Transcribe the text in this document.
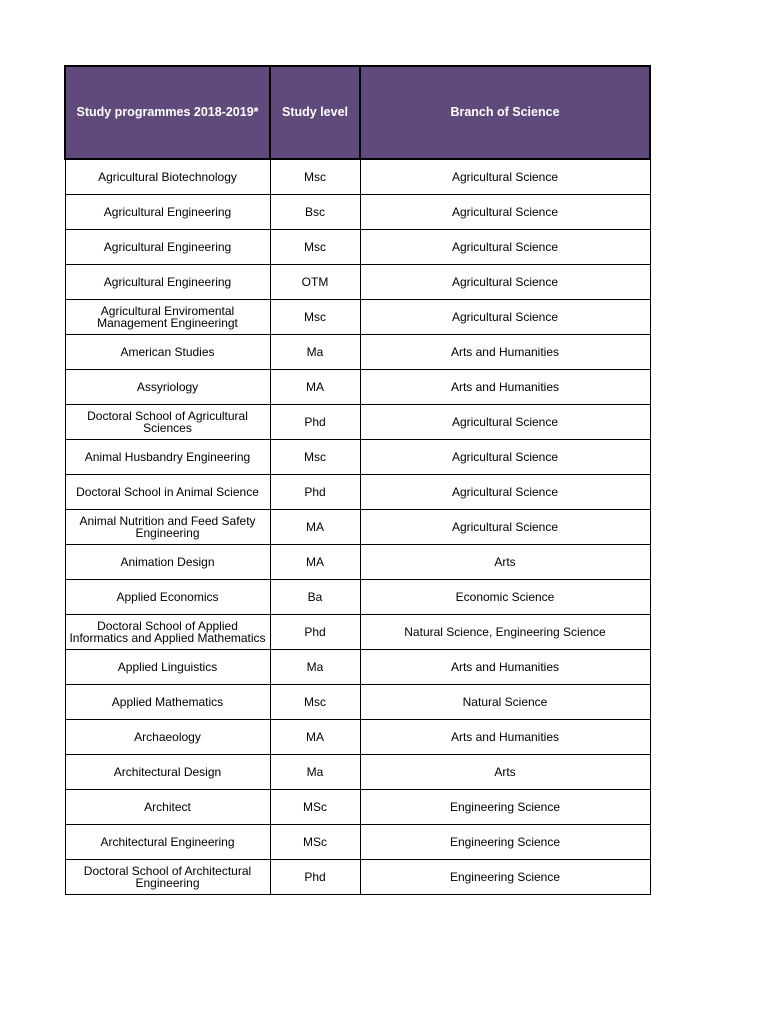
Study programmes 2018-2019*	Study level	Branch of Science
Agricultural Biotechnology	Msc	Agricultural Science
Agricultural Engineering	Bsc	Agricultural Science
Agricultural Engineering	Msc	Agricultural Science
Agricultural Engineering	OTM	Agricultural Science
Agricultural Enviromental Management Engineeringt	Msc	Agricultural Science
American Studies	Ma	Arts and Humanities
Assyriology	MA	Arts and Humanities
Doctoral School of Agricultural Sciences	Phd	Agricultural Science
Animal Husbandry Engineering	Msc	Agricultural Science
Doctoral School in Animal Science	Phd	Agricultural Science
Animal Nutrition and Feed Safety Engineering	MA	Agricultural Science
Animation Design	MA	Arts
Applied Economics	Ba	Economic Science
Doctoral School of Applied Informatics and Applied Mathematics	Phd	Natural Science, Engineering Science
Applied Linguistics	Ma	Arts and Humanities
Applied Mathematics	Msc	Natural Science
Archaeology	MA	Arts and Humanities
Architectural Design	Ma	Arts
Architect	MSc	Engineering Science
Architectural Engineering	MSc	Engineering Science
Doctoral School of Architectural Engineering	Phd	Engineering Science
